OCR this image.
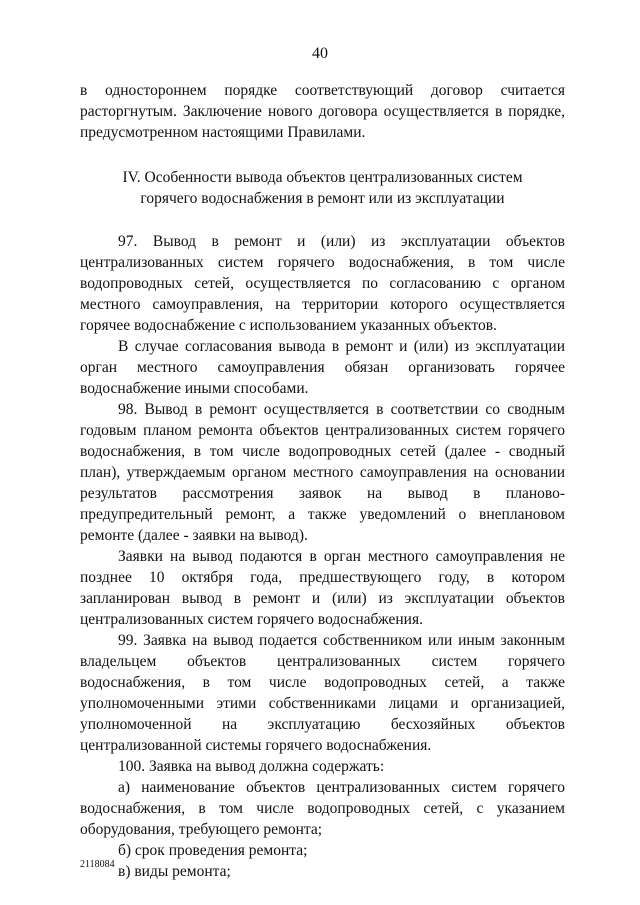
40

в одностороннем порядке соответствующий договор считается расторгнутым. Заключение нового договора осуществляется в порядке, предусмотренном настоящими Правилами.

IV. Особенности вывода объектов централизованных систем
горячего водоснабжения в ремонт или из эксплуатации

97. Вывод в ремонт и (или) из эксплуатации объектов централизованных систем горячего водоснабжения, в том числе водопроводных сетей, осуществляется по согласованию с органом местного самоуправления, на территории которого осуществляется горячее водоснабжение с использованием указанных объектов.

В случае согласования вывода в ремонт и (или) из эксплуатации орган местного самоуправления обязан организовать горячее водоснабжение иными способами.

98. Вывод в ремонт осуществляется в соответствии со сводным годовым планом ремонта объектов централизованных систем горячего водоснабжения, в том числе водопроводных сетей (далее - сводный план), утверждаемым органом местного самоуправления на основании результатов рассмотрения заявок на вывод в планово-предупредительный ремонт, а также уведомлений о внеплановом ремонте (далее - заявки на вывод).

Заявки на вывод подаются в орган местного самоуправления не позднее 10 октября года, предшествующего году, в котором запланирован вывод в ремонт и (или) из эксплуатации объектов централизованных систем горячего водоснабжения.

99. Заявка на вывод подается собственником или иным законным владельцем объектов централизованных систем горячего водоснабжения, в том числе водопроводных сетей, а также уполномоченными этими собственниками лицами и организацией, уполномоченной на эксплуатацию бесхозяйных объектов централизованной системы горячего водоснабжения.

100. Заявка на вывод должна содержать:

а) наименование объектов централизованных систем горячего водоснабжения, в том числе водопроводных сетей, с указанием оборудования, требующего ремонта;

б) срок проведения ремонта;

в) виды ремонта;

2118084
